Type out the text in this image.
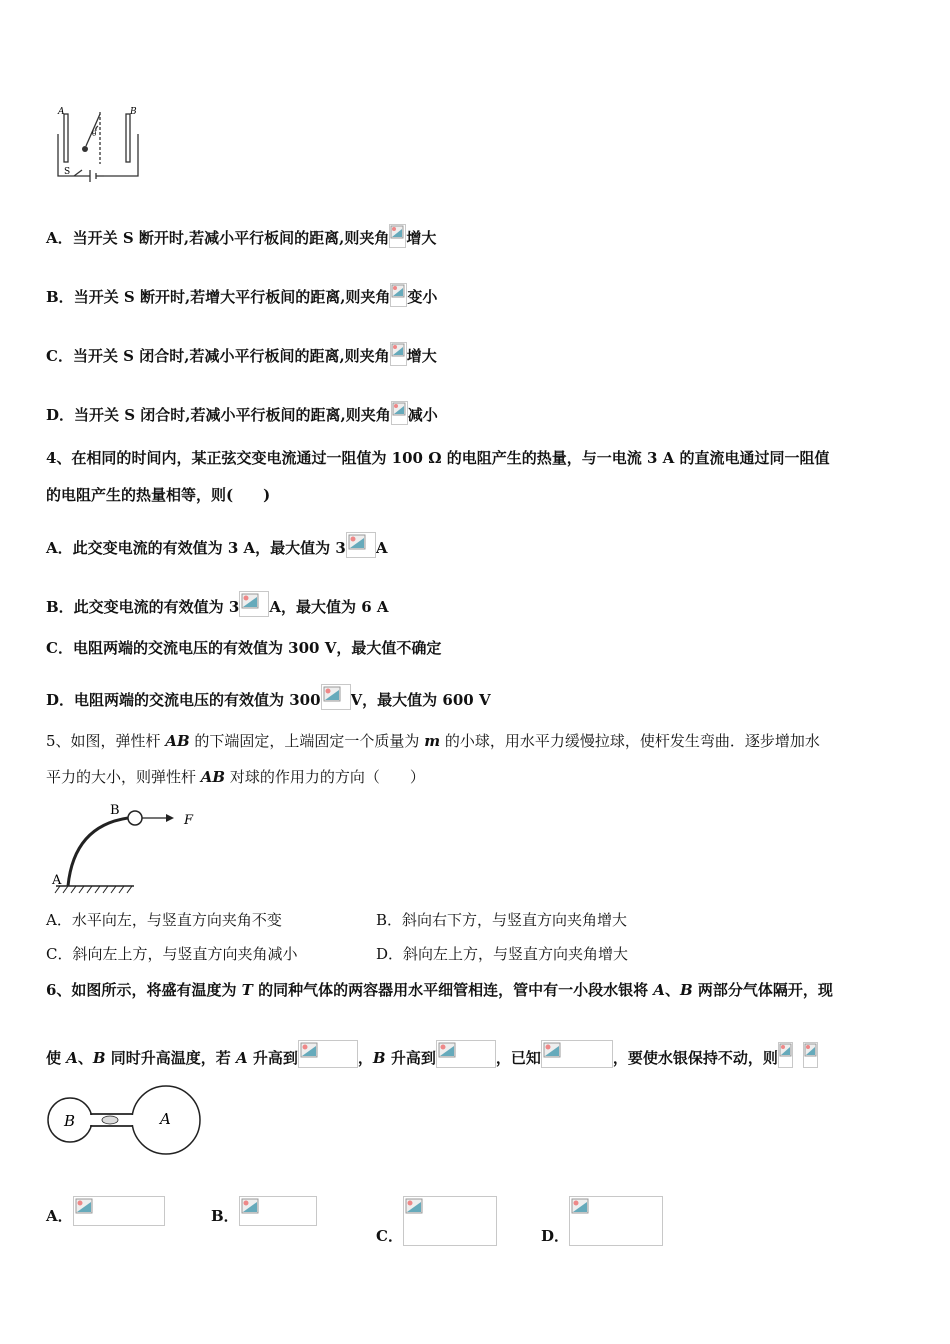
A	B
S
θ
A．当开关 S 断开时,若减小平行板间的距离,则夹角 增大
B．当开关 S 断开时,若增大平行板间的距离,则夹角 变小
C．当开关 S 闭合时,若减小平行板间的距离,则夹角 增大
D．当开关 S 闭合时,若减小平行板间的距离,则夹角 减小
4、在相同的时间内，某正弦交变电流通过一阻值为 100 Ω 的电阻产生的热量，与一电流 3 A 的直流电通过同一阻值
的电阻产生的热量相等，则(　　)
A．此交变电流的有效值为 3 A，最大值为 3 A
B．此交变电流的有效值为 3 A，最大值为 6 A
C．电阻两端的交流电压的有效值为 300 V，最大值不确定
D．电阻两端的交流电压的有效值为 300 V，最大值为 600 V
5、如图，弹性杆 AB 的下端固定，上端固定一个质量为 m 的小球，用水平力缓慢拉球，使杆发生弯曲．逐步增加水
平力的大小，则弹性杆 AB 对球的作用力的方向（　　）
A
B
F
A．水平向左，与竖直方向夹角不变	B．斜向右下方，与竖直方向夹角增大
C．斜向左上方，与竖直方向夹角减小	D．斜向左上方，与竖直方向夹角增大
6、如图所示，将盛有温度为 T 的同种气体的两容器用水平细管相连，管中有一小段水银将 A、B 两部分气体隔开，现
使 A、B 同时升高温度，若 A 升高到	，B 升高到	，已知	，要使水银保持不动，则

B	A
A．	B．
C．	D．
